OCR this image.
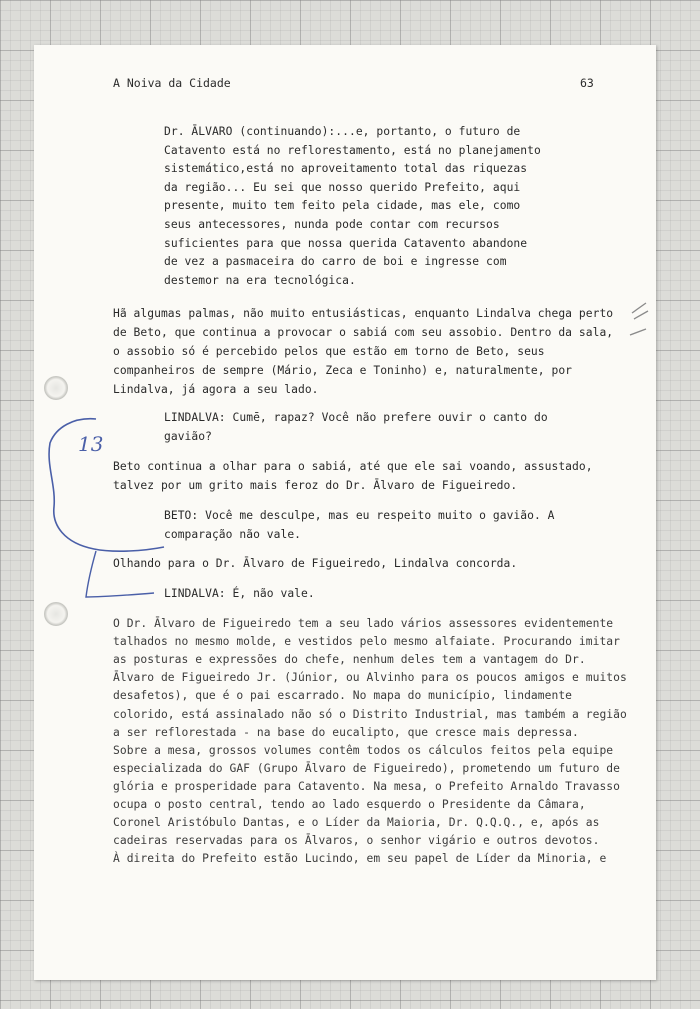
A Noiva da Cidade	63
Dr. ĀLVARO (continuando):...e, portanto, o futuro de
Catavento está no reflorestamento, está no planejamento
sistemático,está no aproveitamento total das riquezas
da região... Eu sei que nosso querido Prefeito, aqui
presente, muito tem feito pela cidade, mas ele, como
seus antecessores, nunda pode contar com recursos
suficientes para que nossa querida Catavento abandone
de vez a pasmaceira do carro de boi e ingresse com
destemor na era tecnológica.
Hã algumas palmas, não muito entusiásticas, enquanto Lindalva chega perto
de Beto, que continua a provocar o sabiá com seu assobio. Dentro da sala,
o assobio só é percebido pelos que estão em torno de Beto, seus
companheiros de sempre (Mário, Zeca e Toninho) e, naturalmente, por
Lindalva, já agora a seu lado.
LINDALVA: Cumē, rapaz? Você não prefere ouvir o canto do
gavião?
Beto continua a olhar para o sabiá, até que ele sai voando, assustado,
talvez por um grito mais feroz do Dr. Ālvaro de Figueiredo.
BETO: Você me desculpe, mas eu respeito muito o gavião. A
comparação não vale.
Olhando para o Dr. Ālvaro de Figueiredo, Lindalva concorda.
LINDALVA: É, não vale.
O Dr. Ālvaro de Figueiredo tem a seu lado vários assessores evidentemente
talhados no mesmo molde, e vestidos pelo mesmo alfaiate. Procurando imitar
as posturas e expressões do chefe, nenhum deles tem a vantagem do Dr.
Ālvaro de Figueiredo Jr. (Júnior, ou Alvinho para os poucos amigos e muitos
desafetos), que é o pai escarrado. No mapa do município, lindamente
colorido, está assinalado não só o Distrito Industrial, mas também a região
a ser reflorestada - na base do eucalipto, que cresce mais depressa.
Sobre a mesa, grossos volumes contêm todos os cálculos feitos pela equipe
especializada do GAF (Grupo Ālvaro de Figueiredo), prometendo um futuro de
glória e prosperidade para Catavento. Na mesa, o Prefeito Arnaldo Travasso
ocupa o posto central, tendo ao lado esquerdo o Presidente da Câmara,
Coronel Aristóbulo Dantas, e o Líder da Maioria, Dr. Q.Q.Q., e, após as
cadeiras reservadas para os Ālvaros, o senhor vigário e outros devotos.
À direita do Prefeito estão Lucindo, em seu papel de Líder da Minoria, e
13
